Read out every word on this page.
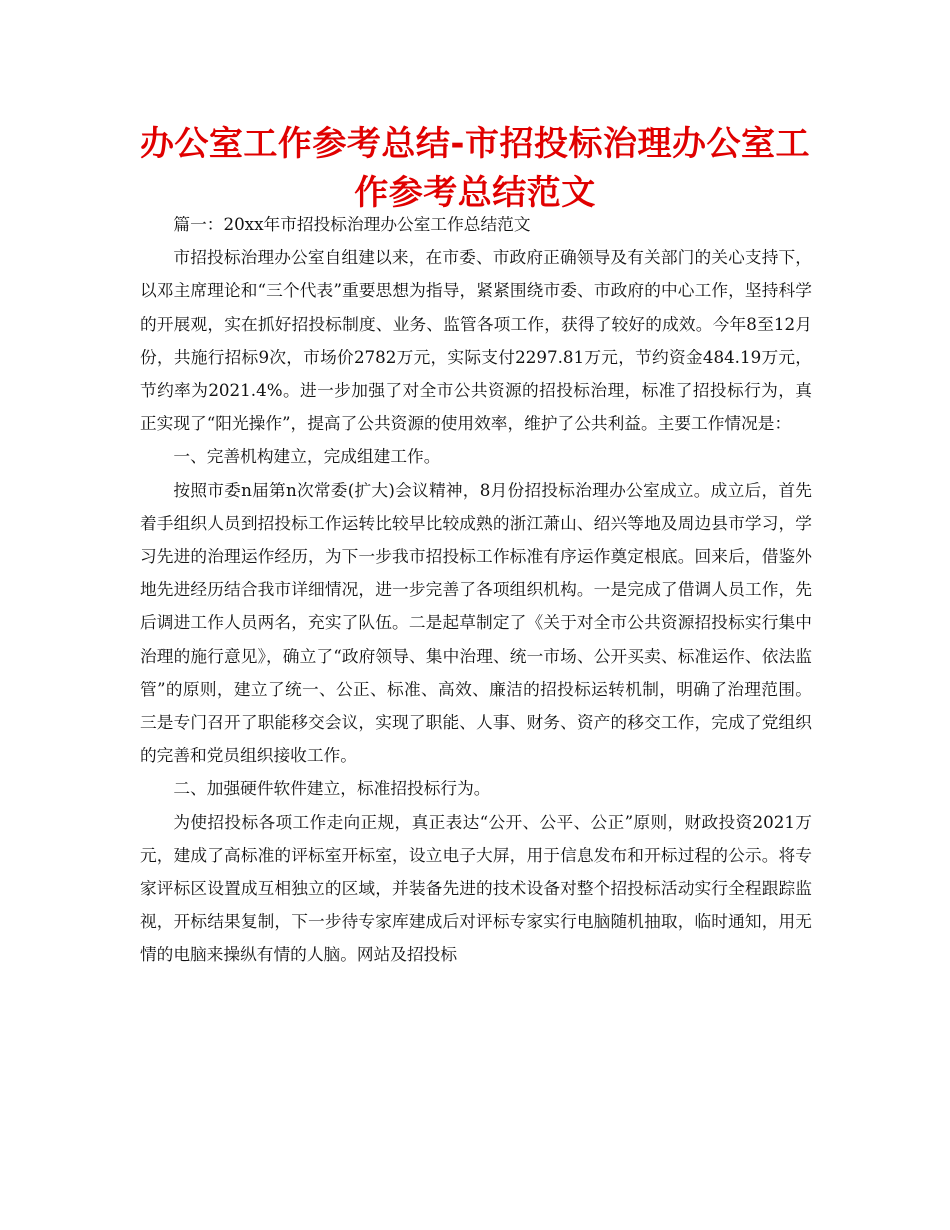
办公室工作参考总结-市招投标治理办公室工作参考总结范文

篇一：20xx年市招投标治理办公室工作总结范文

市招投标治理办公室自组建以来，在市委、市政府正确领导及有关部门的关心支持下，以邓主席理论和“三个代表”重要思想为指导，紧紧围绕市委、市政府的中心工作，坚持科学的开展观，实在抓好招投标制度、业务、监管各项工作，获得了较好的成效。今年8至12月份，共施行招标9次，市场价2782万元，实际支付2297.81万元，节约资金484.19万元，节约率为2021.4%。进一步加强了对全市公共资源的招投标治理，标准了招投标行为，真正实现了“阳光操作”，提高了公共资源的使用效率，维护了公共利益。主要工作情况是：

一、完善机构建立，完成组建工作。

按照市委n届第n次常委(扩大)会议精神，8月份招投标治理办公室成立。成立后，首先着手组织人员到招投标工作运转比较早比较成熟的浙江萧山、绍兴等地及周边县市学习，学习先进的治理运作经历，为下一步我市招投标工作标准有序运作奠定根底。回来后，借鉴外地先进经历结合我市详细情况，进一步完善了各项组织机构。一是完成了借调人员工作，先后调进工作人员两名，充实了队伍。二是起草制定了《关于对全市公共资源招投标实行集中治理的施行意见》，确立了“政府领导、集中治理、统一市场、公开买卖、标准运作、依法监管”的原则，建立了统一、公正、标准、高效、廉洁的招投标运转机制，明确了治理范围。三是专门召开了职能移交会议，实现了职能、人事、财务、资产的移交工作，完成了党组织的完善和党员组织接收工作。

二、加强硬件软件建立，标准招投标行为。

为使招投标各项工作走向正规，真正表达“公开、公平、公正”原则，财政投资2021万元，建成了高标准的评标室开标室，设立电子大屏，用于信息发布和开标过程的公示。将专家评标区设置成互相独立的区域，并装备先进的技术设备对整个招投标活动实行全程跟踪监视，开标结果复制，下一步待专家库建成后对评标专家实行电脑随机抽取，临时通知，用无情的电脑来操纵有情的人脑。网站及招投标
